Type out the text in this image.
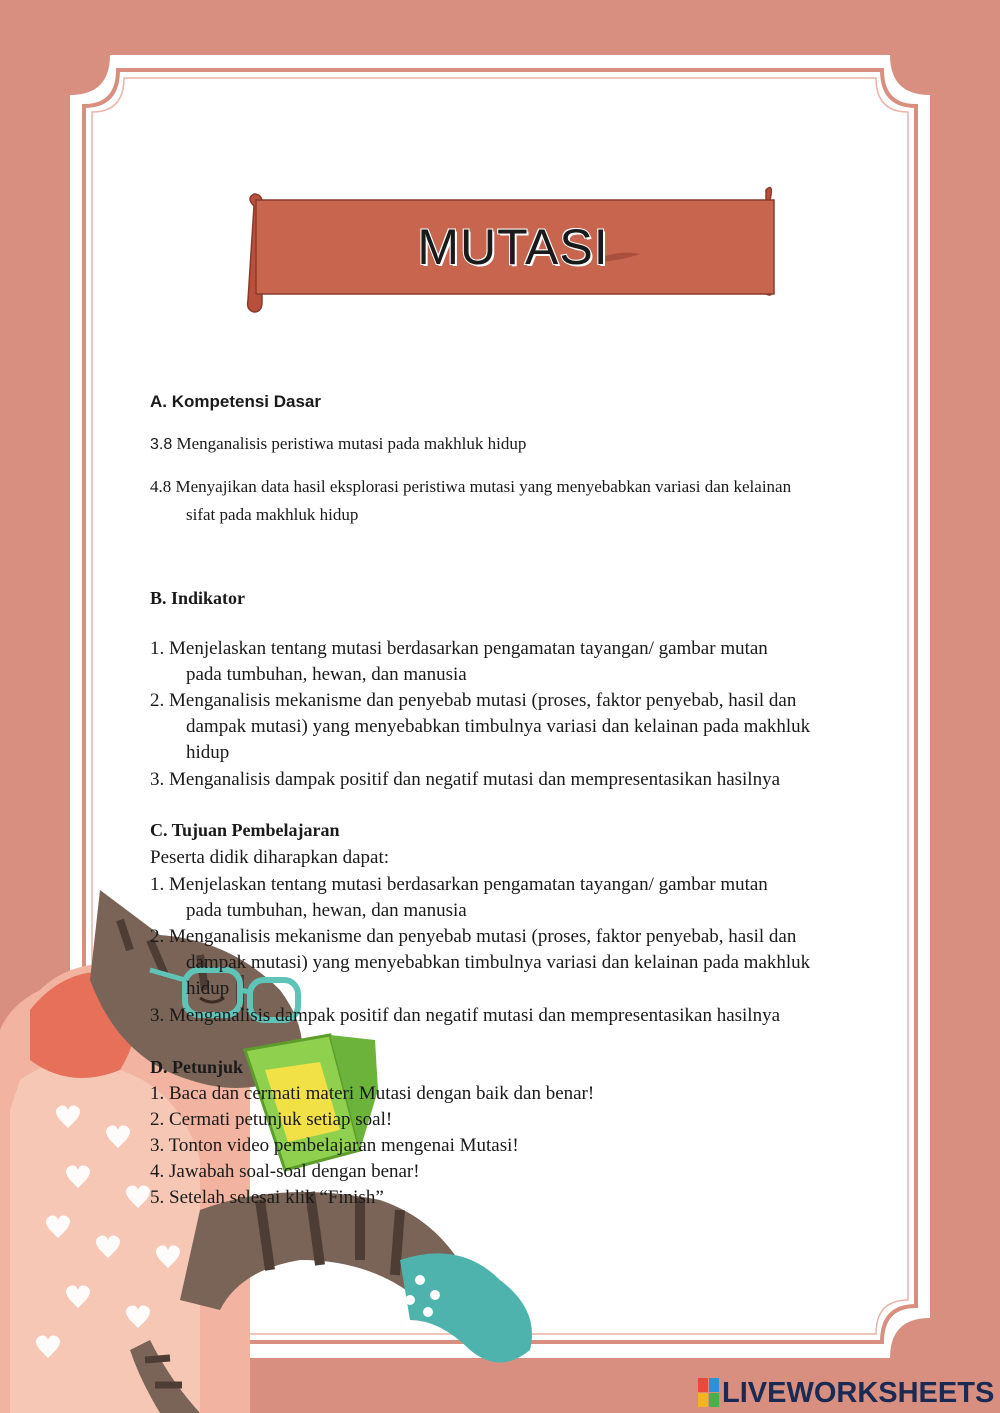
MUTASI
A. Kompetensi Dasar
3.8 Menganalisis peristiwa mutasi pada makhluk hidup
4.8 Menyajikan data hasil eksplorasi peristiwa mutasi yang menyebabkan variasi dan kelainan
sifat pada makhluk hidup
B. Indikator
1. Menjelaskan tentang mutasi berdasarkan pengamatan tayangan/ gambar mutan
pada tumbuhan, hewan, dan manusia
2. Menganalisis mekanisme dan penyebab mutasi (proses, faktor penyebab, hasil dan
dampak mutasi) yang menyebabkan timbulnya variasi dan kelainan pada makhluk
hidup
3. Menganalisis dampak positif dan negatif mutasi dan mempresentasikan hasilnya
C. Tujuan Pembelajaran
Peserta didik diharapkan dapat:
1. Menjelaskan tentang mutasi berdasarkan pengamatan tayangan/ gambar mutan
pada tumbuhan, hewan, dan manusia
2. Menganalisis mekanisme dan penyebab mutasi (proses, faktor penyebab, hasil dan
dampak mutasi) yang menyebabkan timbulnya variasi dan kelainan pada makhluk
hidup
3. Menganalisis dampak positif dan negatif mutasi dan mempresentasikan hasilnya
D. Petunjuk
1. Baca dan cermati materi Mutasi dengan baik dan benar!
2. Cermati petunjuk setiap soal!
3. Tonton video pembelajaran mengenai Mutasi!
4. Jawabah soal-soal dengan benar!
5. Setelah selesai klik “Finish”
LIVEWORKSHEETS
